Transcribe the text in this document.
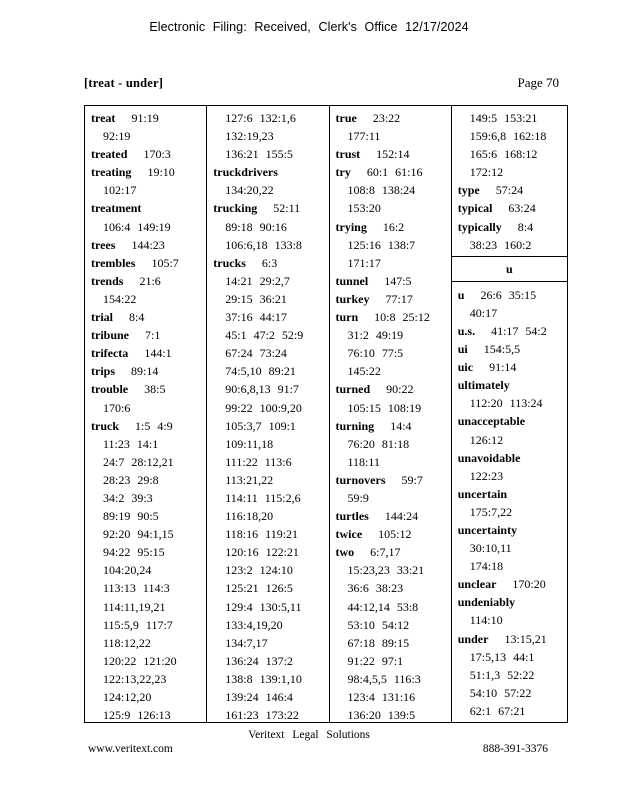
Electronic Filing: Received, Clerk's Office 12/17/2024
[treat - under]	Page 70
treat 91:19
92:19
treated 170:3
treating 19:10
102:17
treatment
106:4 149:19
trees 144:23
trembles 105:7
trends 21:6
154:22
trial 8:4
tribune 7:1
trifecta 144:1
trips 89:14
trouble 38:5
170:6
truck 1:5 4:9
11:23 14:1
24:7 28:12,21
28:23 29:8
34:2 39:3
89:19 90:5
92:20 94:1,15
94:22 95:15
104:20,24
113:13 114:3
114:11,19,21
115:5,9 117:7
118:12,22
120:22 121:20
122:13,22,23
124:12,20
125:9 126:13
127:6 132:1,6
132:19,23
136:21 155:5
truckdrivers
134:20,22
trucking 52:11
89:18 90:16
106:6,18 133:8
trucks 6:3
14:21 29:2,7
29:15 36:21
37:16 44:17
45:1 47:2 52:9
67:24 73:24
74:5,10 89:21
90:6,8,13 91:7
99:22 100:9,20
105:3,7 109:1
109:11,18
111:22 113:6
113:21,22
114:11 115:2,6
116:18,20
118:16 119:21
120:16 122:21
123:2 124:10
125:21 126:5
129:4 130:5,11
133:4,19,20
134:7,17
136:24 137:2
138:8 139:1,10
139:24 146:4
161:23 173:22
true 23:22
177:11
trust 152:14
try 60:1 61:16
108:8 138:24
153:20
trying 16:2
125:16 138:7
171:17
tunnel 147:5
turkey 77:17
turn 10:8 25:12
31:2 49:19
76:10 77:5
145:22
turned 90:22
105:15 108:19
turning 14:4
76:20 81:18
118:11
turnovers 59:7
59:9
turtles 144:24
twice 105:12
two 6:7,17
15:23,23 33:21
36:6 38:23
44:12,14 53:8
53:10 54:12
67:18 89:15
91:22 97:1
98:4,5,5 116:3
123:4 131:16
136:20 139:5
149:5 153:21
159:6,8 162:18
165:6 168:12
172:12
type 57:24
typical 63:24
typically 8:4
38:23 160:2
u
u 26:6 35:15
40:17
u.s. 41:17 54:2
ui 154:5,5
uic 91:14
ultimately
112:20 113:24
unacceptable
126:12
unavoidable
122:23
uncertain
175:7,22
uncertainty
30:10,11
174:18
unclear 170:20
undeniably
114:10
under 13:15,21
17:5,13 44:1
51:1,3 52:22
54:10 57:22
62:1 67:21
Veritext Legal Solutions
www.veritext.com	888-391-3376
